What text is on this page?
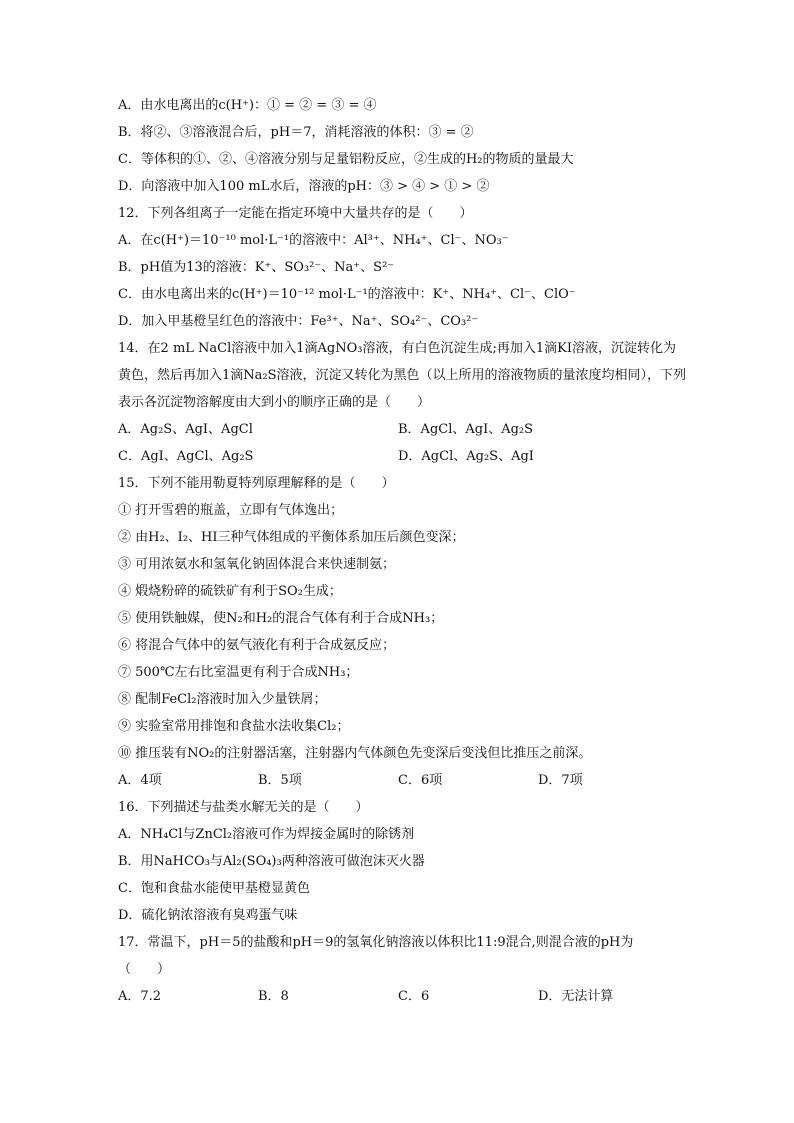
A．由水电离出的c(H⁺)：① = ② = ③ = ④
B．将②、③溶液混合后，pH＝7，消耗溶液的体积：③ = ②
C．等体积的①、②、④溶液分别与足量铝粉反应，②生成的H₂的物质的量最大
D．向溶液中加入100 mL水后，溶液的pH：③ > ④ > ① > ②
12．下列各组离子一定能在指定环境中大量共存的是（　　）
A．在c(H⁺)＝10⁻¹⁰ mol·L⁻¹的溶液中：Al³⁺、NH₄⁺、Cl⁻、NO₃⁻
B．pH值为13的溶液：K⁺、SO₃²⁻、Na⁺、S²⁻
C．由水电离出来的c(H⁺)＝10⁻¹² mol·L⁻¹的溶液中：K⁺、NH₄⁺、Cl⁻、ClO⁻
D．加入甲基橙呈红色的溶液中：Fe³⁺、Na⁺、SO₄²⁻、CO₃²⁻
14．在2 mL NaCl溶液中加入1滴AgNO₃溶液，有白色沉淀生成;再加入1滴KI溶液，沉淀转化为黄色，然后再加入1滴Na₂S溶液，沉淀又转化为黑色（以上所用的溶液物质的量浓度均相同），下列表示各沉淀物溶解度由大到小的顺序正确的是（　　）
A．Ag₂S、AgI、AgCl	B．AgCl、AgI、Ag₂S
C．AgI、AgCl、Ag₂S	D．AgCl、Ag₂S、AgI
15．下列不能用勒夏特列原理解释的是（　　）
① 打开雪碧的瓶盖，立即有气体逸出；
② 由H₂、I₂、HI三种气体组成的平衡体系加压后颜色变深；
③ 可用浓氨水和氢氧化钠固体混合来快速制氨；
④ 煅烧粉碎的硫铁矿有利于SO₂生成；
⑤ 使用铁触媒，使N₂和H₂的混合气体有利于合成NH₃；
⑥ 将混合气体中的氨气液化有利于合成氨反应；
⑦ 500℃左右比室温更有利于合成NH₃；
⑧ 配制FeCl₂溶液时加入少量铁屑；
⑨ 实验室常用排饱和食盐水法收集Cl₂；
⑩ 推压装有NO₂的注射器活塞，注射器内气体颜色先变深后变浅但比推压之前深。
A．4项	B．5项	C．6项	D．7项
16．下列描述与盐类水解无关的是（　　）
A．NH₄Cl与ZnCl₂溶液可作为焊接金属时的除锈剂
B．用NaHCO₃与Al₂(SO₄)₃两种溶液可做泡沫灭火器
C．饱和食盐水能使甲基橙显黄色
D．硫化钠浓溶液有臭鸡蛋气味
17．常温下，pH＝5的盐酸和pH＝9的氢氧化钠溶液以体积比11:9混合,则混合液的pH为
（　　）
A．7.2	B．8	C．6	D．无法计算
